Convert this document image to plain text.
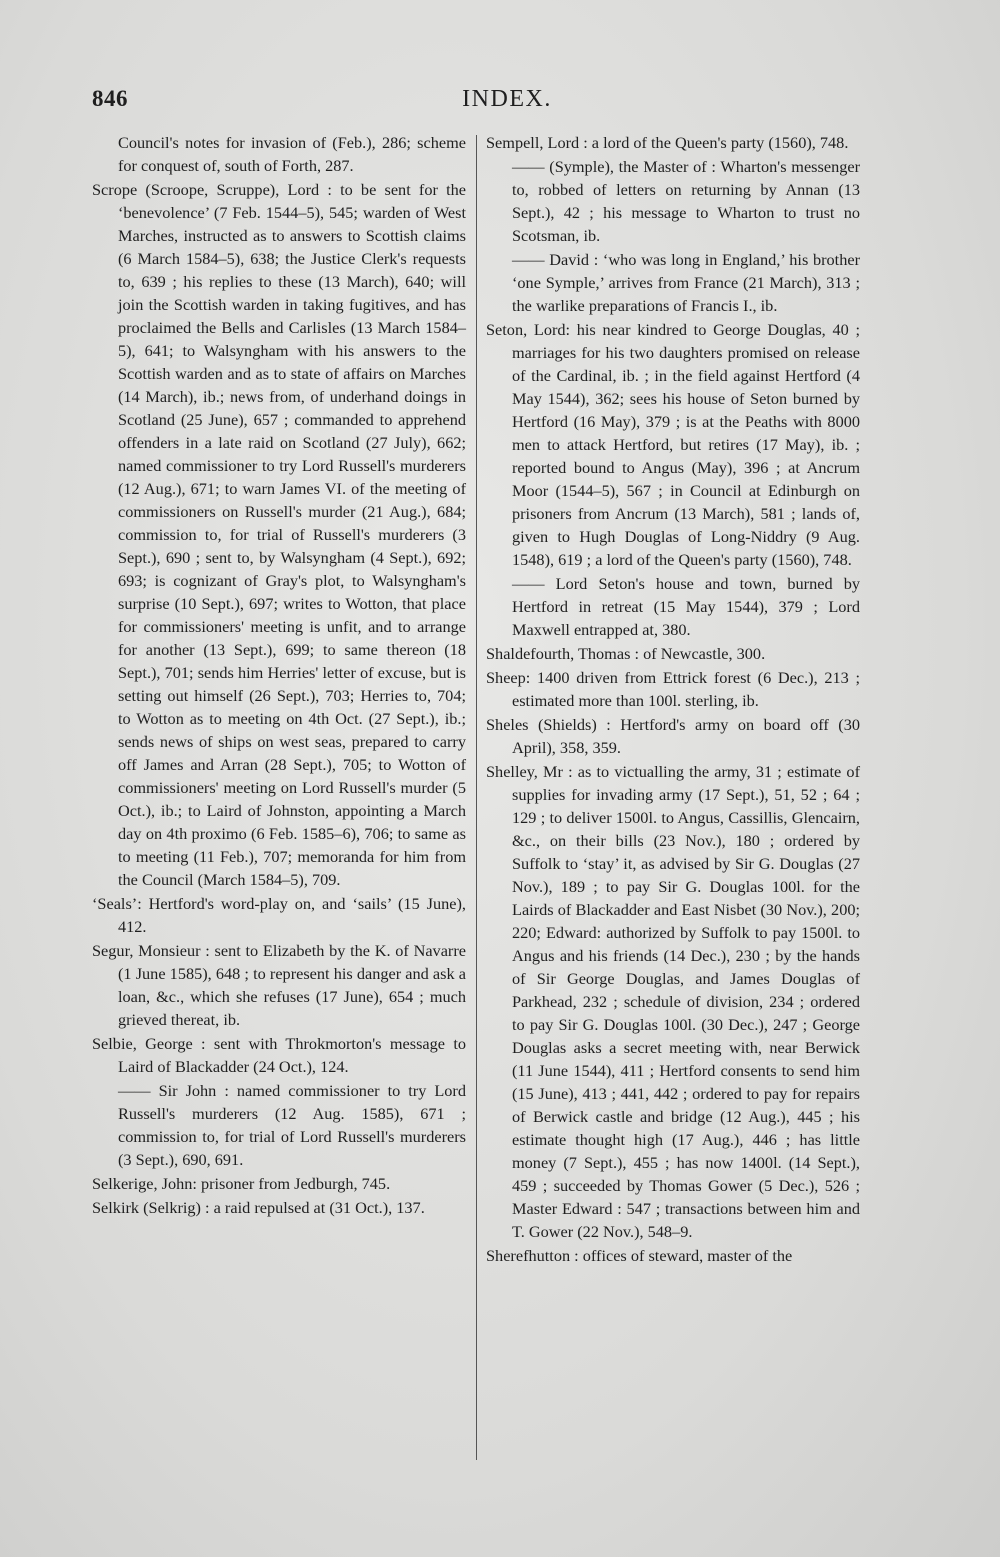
846	INDEX.

Council's notes for invasion of (Feb.), 286; scheme for conquest of, south of Forth, 287.

Scrope (Scroope, Scruppe), Lord : to be sent for the ‘benevolence’ (7 Feb. 1544–5), 545; warden of West Marches, instructed as to answers to Scottish claims (6 March 1584–5), 638; the Justice Clerk's requests to, 639 ; his replies to these (13 March), 640; will join the Scottish warden in taking fugitives, and has proclaimed the Bells and Carlisles (13 March 1584–5), 641; to Walsyngham with his answers to the Scottish warden and as to state of affairs on Marches (14 March), ib.; news from, of underhand doings in Scotland (25 June), 657 ; commanded to apprehend offenders in a late raid on Scotland (27 July), 662; named commissioner to try Lord Russell's murderers (12 Aug.), 671; to warn James VI. of the meeting of commissioners on Russell's murder (21 Aug.), 684; commission to, for trial of Russell's murderers (3 Sept.), 690 ; sent to, by Walsyngham (4 Sept.), 692; 693; is cognizant of Gray's plot, to Walsyngham's surprise (10 Sept.), 697; writes to Wotton, that place for commissioners' meeting is unfit, and to arrange for another (13 Sept.), 699; to same thereon (18 Sept.), 701; sends him Herries' letter of excuse, but is setting out himself (26 Sept.), 703; Herries to, 704; to Wotton as to meeting on 4th Oct. (27 Sept.), ib.; sends news of ships on west seas, prepared to carry off James and Arran (28 Sept.), 705; to Wotton of commissioners' meeting on Lord Russell's murder (5 Oct.), ib.; to Laird of Johnston, appointing a March day on 4th proximo (6 Feb. 1585–6), 706; to same as to meeting (11 Feb.), 707; memoranda for him from the Council (March 1584–5), 709.

‘Seals’: Hertford's word-play on, and ‘sails’ (15 June), 412.

Segur, Monsieur : sent to Elizabeth by the K. of Navarre (1 June 1585), 648 ; to represent his danger and ask a loan, &c., which she refuses (17 June), 654 ; much grieved thereat, ib.

Selbie, George : sent with Throkmorton's message to Laird of Blackadder (24 Oct.), 124.

—— Sir John : named commissioner to try Lord Russell's murderers (12 Aug. 1585), 671 ; commission to, for trial of Lord Russell's murderers (3 Sept.), 690, 691.

Selkerige, John: prisoner from Jedburgh, 745.

Selkirk (Selkrig) : a raid repulsed at (31 Oct.), 137.

Sempell, Lord : a lord of the Queen's party (1560), 748.

—— (Symple), the Master of : Wharton's messenger to, robbed of letters on returning by Annan (13 Sept.), 42 ; his message to Wharton to trust no Scotsman, ib.

—— David : ‘who was long in England,’ his brother ‘one Symple,’ arrives from France (21 March), 313 ; the warlike preparations of Francis I., ib.

Seton, Lord: his near kindred to George Douglas, 40 ; marriages for his two daughters promised on release of the Cardinal, ib. ; in the field against Hertford (4 May 1544), 362; sees his house of Seton burned by Hertford (16 May), 379 ; is at the Peaths with 8000 men to attack Hertford, but retires (17 May), ib. ; reported bound to Angus (May), 396 ; at Ancrum Moor (1544–5), 567 ; in Council at Edinburgh on prisoners from Ancrum (13 March), 581 ; lands of, given to Hugh Douglas of Long-Niddry (9 Aug. 1548), 619 ; a lord of the Queen's party (1560), 748.

—— Lord Seton's house and town, burned by Hertford in retreat (15 May 1544), 379 ; Lord Maxwell entrapped at, 380.

Shaldefourth, Thomas : of Newcastle, 300.

Sheep: 1400 driven from Ettrick forest (6 Dec.), 213 ; estimated more than 100l. sterling, ib.

Sheles (Shields) : Hertford's army on board off (30 April), 358, 359.

Shelley, Mr : as to victualling the army, 31 ; estimate of supplies for invading army (17 Sept.), 51, 52 ; 64 ; 129 ; to deliver 1500l. to Angus, Cassillis, Glencairn, &c., on their bills (23 Nov.), 180 ; ordered by Suffolk to ‘stay’ it, as advised by Sir G. Douglas (27 Nov.), 189 ; to pay Sir G. Douglas 100l. for the Lairds of Blackadder and East Nisbet (30 Nov.), 200; 220; Edward: authorized by Suffolk to pay 1500l. to Angus and his friends (14 Dec.), 230 ; by the hands of Sir George Douglas, and James Douglas of Parkhead, 232 ; schedule of division, 234 ; ordered to pay Sir G. Douglas 100l. (30 Dec.), 247 ; George Douglas asks a secret meeting with, near Berwick (11 June 1544), 411 ; Hertford consents to send him (15 June), 413 ; 441, 442 ; ordered to pay for repairs of Berwick castle and bridge (12 Aug.), 445 ; his estimate thought high (17 Aug.), 446 ; has little money (7 Sept.), 455 ; has now 1400l. (14 Sept.), 459 ; succeeded by Thomas Gower (5 Dec.), 526 ; Master Edward : 547 ; transactions between him and T. Gower (22 Nov.), 548–9.

Sherefhutton : offices of steward, master of the
